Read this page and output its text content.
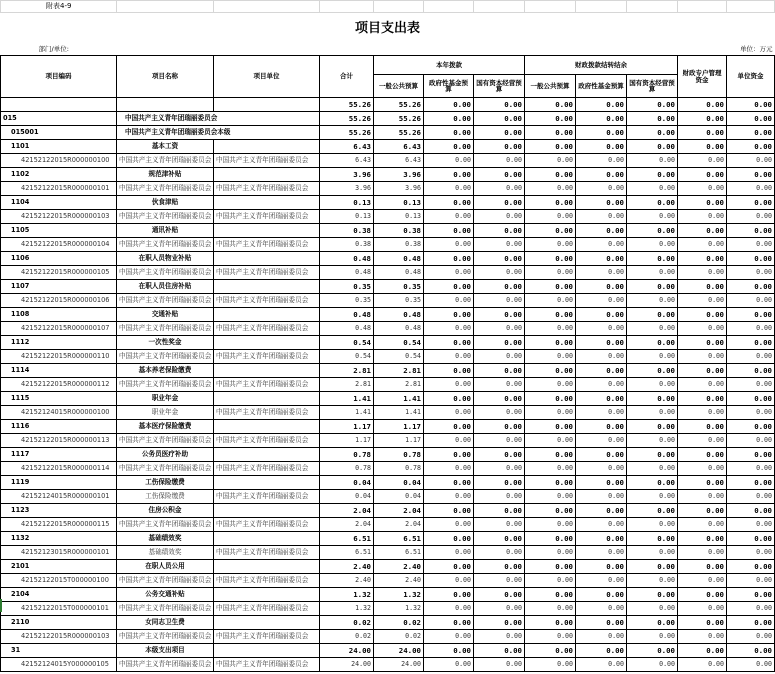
附表4-9											
项目支出表											
部门/单位:						单位：万元					
项目编码	项目名称	项目单位	合计	本年拨款			财政拨款结转结余			财政专户管理资金	单位资金
				一般公共预算	政府性基金预算	国有资本经营预算	一般公共预算	政府性基金预算	国有资本经营预算		
			55.26	55.26	0.00	0.00	0.00	0.00	0.00	0.00	0.00
015	中国共产主义青年团瑞丽委员会		55.26	55.26	0.00	0.00	0.00	0.00	0.00	0.00	0.00
015001	中国共产主义青年团瑞丽委员会本级		55.26	55.26	0.00	0.00	0.00	0.00	0.00	0.00	0.00
1101	基本工资		6.43	6.43	0.00	0.00	0.00	0.00	0.00	0.00	0.00
42152122015R000000100	中国共产主义青年团瑞丽委员会	中国共产主义青年团瑞丽委员会	6.43	6.43	0.00	0.00	0.00	0.00	0.00	0.00	0.00
1102	规范津补贴		3.96	3.96	0.00	0.00	0.00	0.00	0.00	0.00	0.00
42152122015R000000101	中国共产主义青年团瑞丽委员会	中国共产主义青年团瑞丽委员会	3.96	3.96	0.00	0.00	0.00	0.00	0.00	0.00	0.00
1104	伙食津贴		0.13	0.13	0.00	0.00	0.00	0.00	0.00	0.00	0.00
42152122015R000000103	中国共产主义青年团瑞丽委员会	中国共产主义青年团瑞丽委员会	0.13	0.13	0.00	0.00	0.00	0.00	0.00	0.00	0.00
1105	通讯补贴		0.38	0.38	0.00	0.00	0.00	0.00	0.00	0.00	0.00
42152122015R000000104	中国共产主义青年团瑞丽委员会	中国共产主义青年团瑞丽委员会	0.38	0.38	0.00	0.00	0.00	0.00	0.00	0.00	0.00
1106	在职人员物业补贴		0.48	0.48	0.00	0.00	0.00	0.00	0.00	0.00	0.00
42152122015R000000105	中国共产主义青年团瑞丽委员会	中国共产主义青年团瑞丽委员会	0.48	0.48	0.00	0.00	0.00	0.00	0.00	0.00	0.00
1107	在职人员住房补贴		0.35	0.35	0.00	0.00	0.00	0.00	0.00	0.00	0.00
42152122015R000000106	中国共产主义青年团瑞丽委员会	中国共产主义青年团瑞丽委员会	0.35	0.35	0.00	0.00	0.00	0.00	0.00	0.00	0.00
1108	交通补贴		0.48	0.48	0.00	0.00	0.00	0.00	0.00	0.00	0.00
42152122015R000000107	中国共产主义青年团瑞丽委员会	中国共产主义青年团瑞丽委员会	0.48	0.48	0.00	0.00	0.00	0.00	0.00	0.00	0.00
1112	一次性奖金		0.54	0.54	0.00	0.00	0.00	0.00	0.00	0.00	0.00
42152122015R000000110	中国共产主义青年团瑞丽委员会	中国共产主义青年团瑞丽委员会	0.54	0.54	0.00	0.00	0.00	0.00	0.00	0.00	0.00
1114	基本养老保险缴费		2.81	2.81	0.00	0.00	0.00	0.00	0.00	0.00	0.00
42152122015R000000112	中国共产主义青年团瑞丽委员会	中国共产主义青年团瑞丽委员会	2.81	2.81	0.00	0.00	0.00	0.00	0.00	0.00	0.00
1115	职业年金		1.41	1.41	0.00	0.00	0.00	0.00	0.00	0.00	0.00
42152124015R000000100	职业年金	中国共产主义青年团瑞丽委员会	1.41	1.41	0.00	0.00	0.00	0.00	0.00	0.00	0.00
1116	基本医疗保险缴费		1.17	1.17	0.00	0.00	0.00	0.00	0.00	0.00	0.00
42152122015R000000113	中国共产主义青年团瑞丽委员会	中国共产主义青年团瑞丽委员会	1.17	1.17	0.00	0.00	0.00	0.00	0.00	0.00	0.00
1117	公务员医疗补助		0.78	0.78	0.00	0.00	0.00	0.00	0.00	0.00	0.00
42152122015R000000114	中国共产主义青年团瑞丽委员会	中国共产主义青年团瑞丽委员会	0.78	0.78	0.00	0.00	0.00	0.00	0.00	0.00	0.00
1119	工伤保险缴费		0.04	0.04	0.00	0.00	0.00	0.00	0.00	0.00	0.00
42152124015R000000101	工伤保险缴费	中国共产主义青年团瑞丽委员会	0.04	0.04	0.00	0.00	0.00	0.00	0.00	0.00	0.00
1123	住房公积金		2.04	2.04	0.00	0.00	0.00	0.00	0.00	0.00	0.00
42152122015R000000115	中国共产主义青年团瑞丽委员会	中国共产主义青年团瑞丽委员会	2.04	2.04	0.00	0.00	0.00	0.00	0.00	0.00	0.00
1132	基础绩效奖		6.51	6.51	0.00	0.00	0.00	0.00	0.00	0.00	0.00
42152123015R000000101	基础绩效奖	中国共产主义青年团瑞丽委员会	6.51	6.51	0.00	0.00	0.00	0.00	0.00	0.00	0.00
2101	在职人员公用		2.40	2.40	0.00	0.00	0.00	0.00	0.00	0.00	0.00
42152122015T000000100	中国共产主义青年团瑞丽委员会	中国共产主义青年团瑞丽委员会	2.40	2.40	0.00	0.00	0.00	0.00	0.00	0.00	0.00
2104	公务交通补贴		1.32	1.32	0.00	0.00	0.00	0.00	0.00	0.00	0.00
42152122015T000000101	中国共产主义青年团瑞丽委员会	中国共产主义青年团瑞丽委员会	1.32	1.32	0.00	0.00	0.00	0.00	0.00	0.00	0.00
2110	女同志卫生费		0.02	0.02	0.00	0.00	0.00	0.00	0.00	0.00	0.00
42152122015R000000103	中国共产主义青年团瑞丽委员会	中国共产主义青年团瑞丽委员会	0.02	0.02	0.00	0.00	0.00	0.00	0.00	0.00	0.00
31	本级支出项目		24.00	24.00	0.00	0.00	0.00	0.00	0.00	0.00	0.00
42152124015Y000000105	中国共产主义青年团瑞丽委员会	中国共产主义青年团瑞丽委员会	24.00	24.00	0.00	0.00	0.00	0.00	0.00	0.00	0.00
